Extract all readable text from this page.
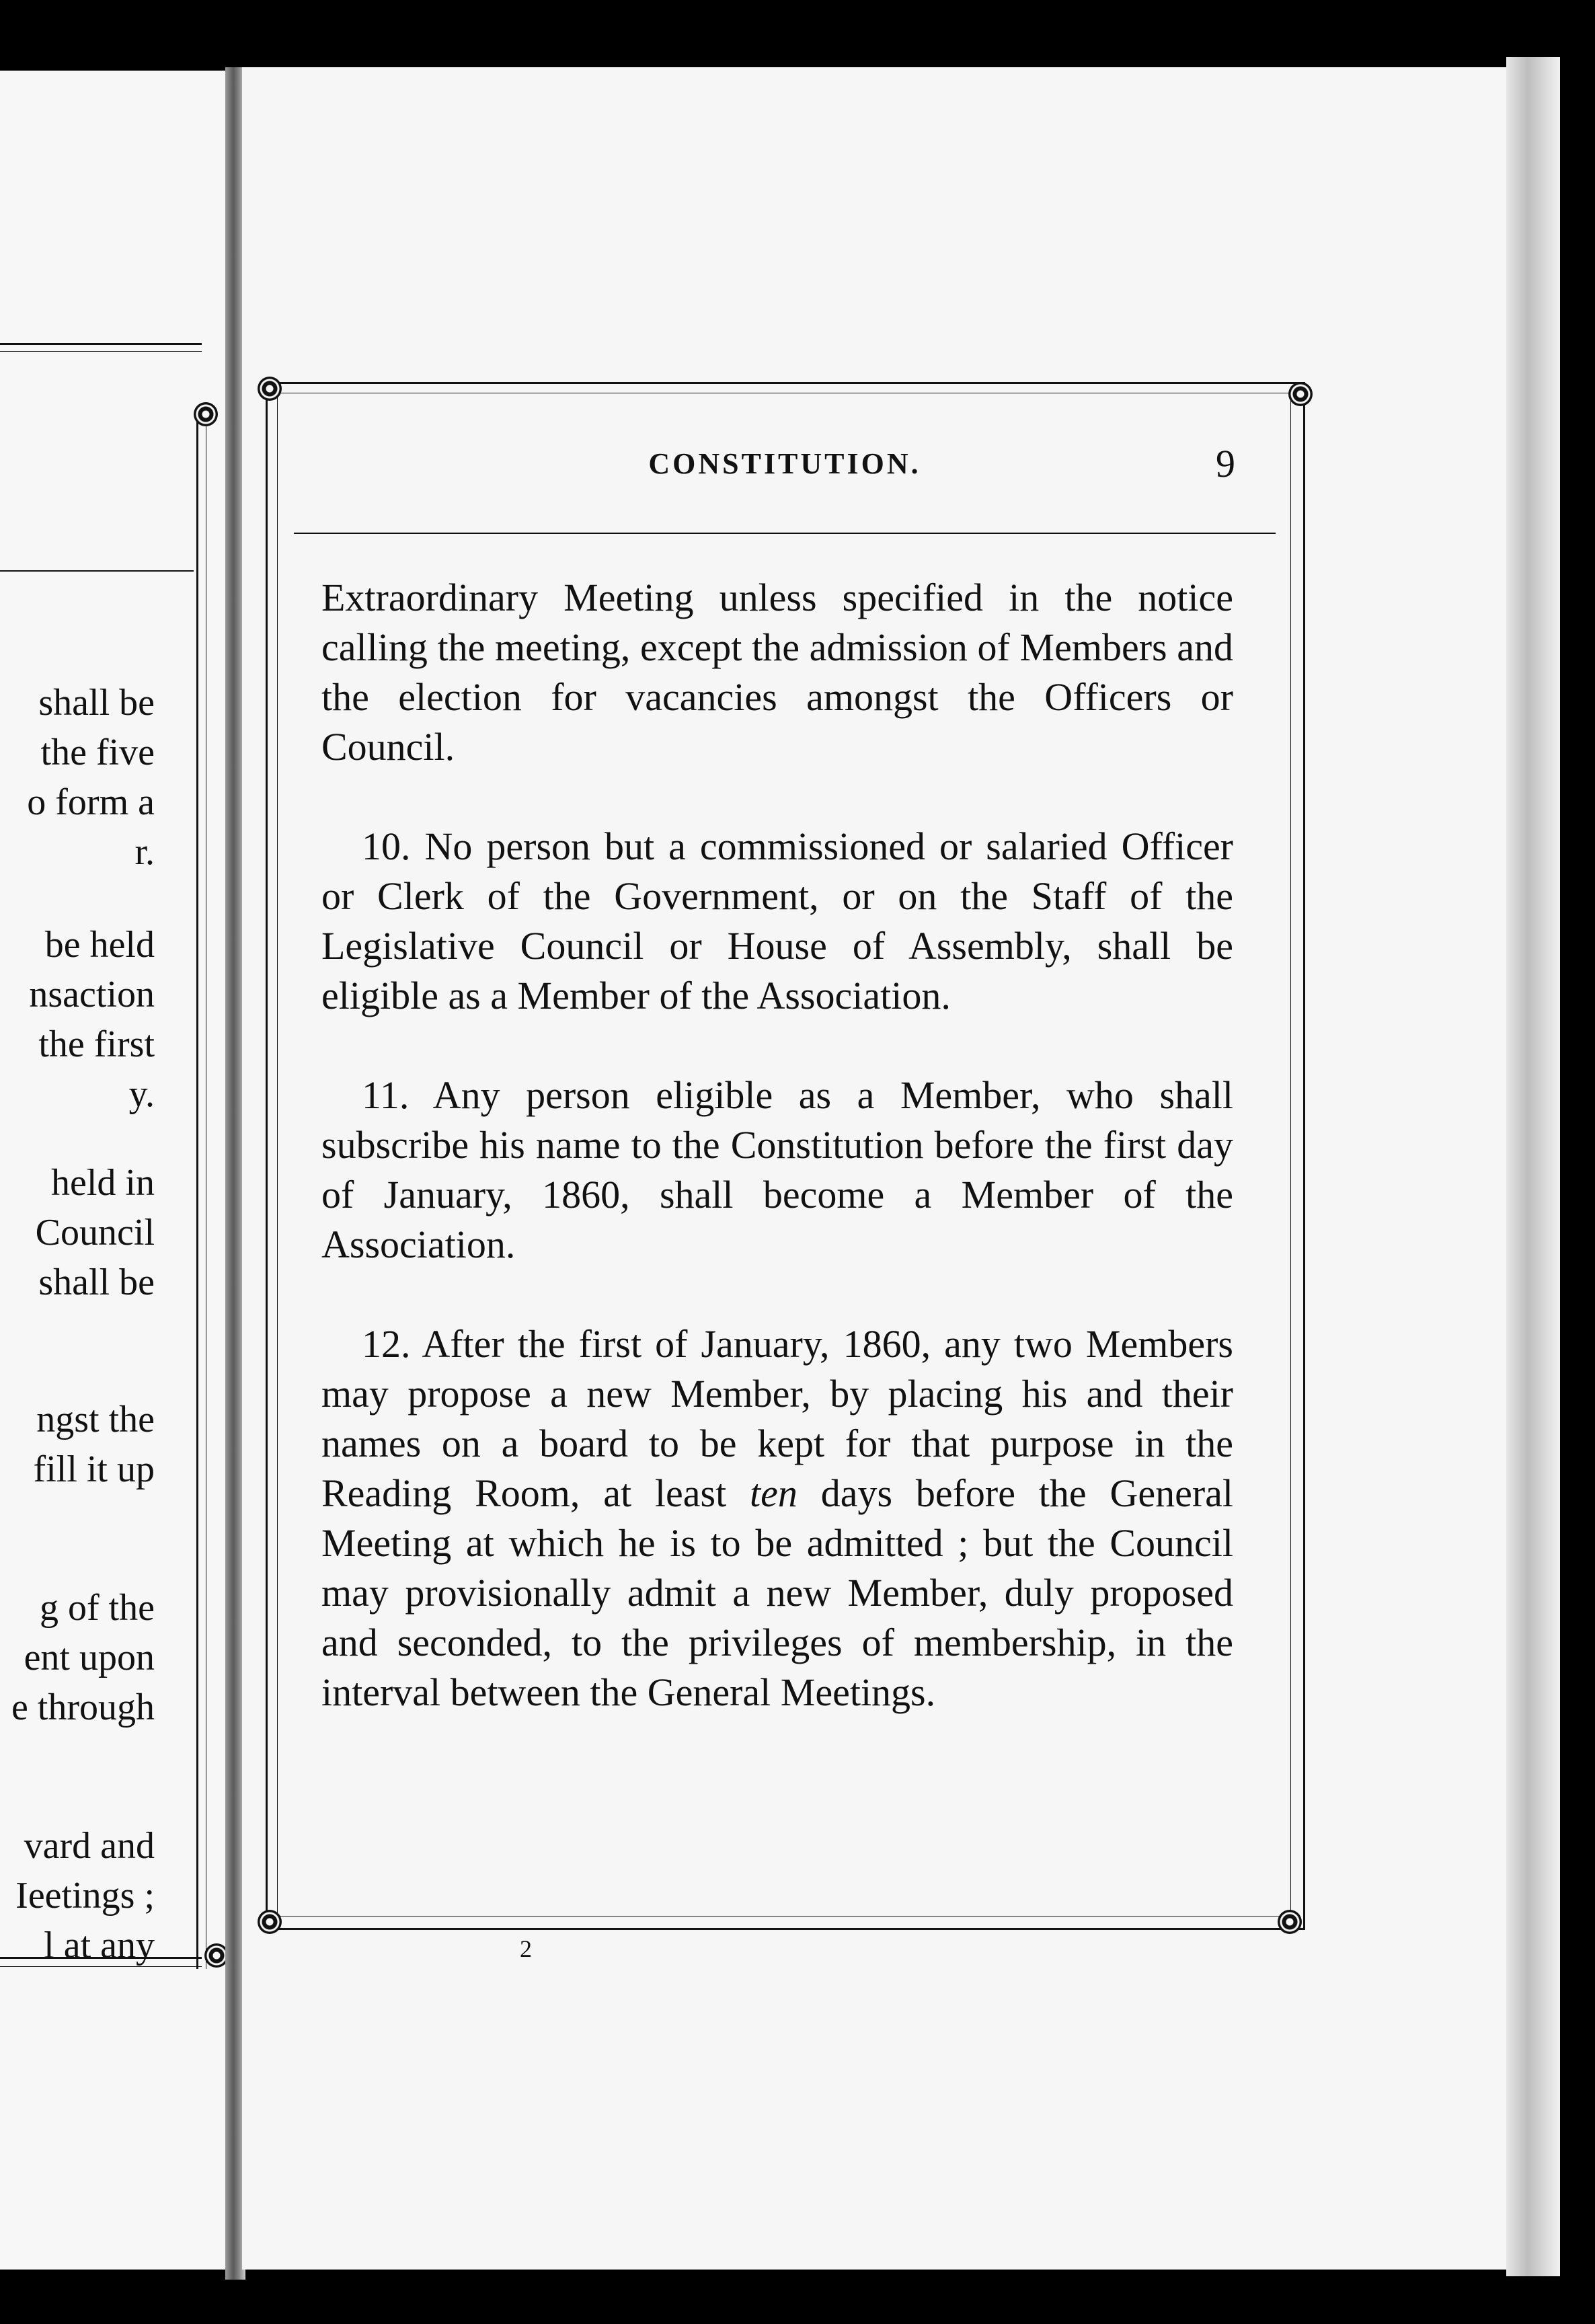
shall be
the five
o form a
r.
be held
nsaction
the first
y.
held in
Council
shall be
ngst the
fill it up
g of the
ent upon
e through
vard and
Ieetings ;
l at any
CONSTITUTION.	9

Extraordinary Meeting unless specified in the notice calling the meeting, except the admission of Members and the election for vacancies amongst the Officers or Council.

10. No person but a commissioned or salaried Officer or Clerk of the Government, or on the Staff of the Legislative Council or House of Assembly, shall be eligible as a Member of the Association.

11. Any person eligible as a Member, who shall subscribe his name to the Constitution before the first day of January, 1860, shall become a Member of the Association.

12. After the first of January, 1860, any two Members may propose a new Member, by placing his and their names on a board to be kept for that purpose in the Reading Room, at least ten days before the General Meeting at which he is to be admitted ; but the Council may provisionally admit a new Member, duly proposed and seconded, to the privileges of membership, in the interval between the General Meetings.

2
